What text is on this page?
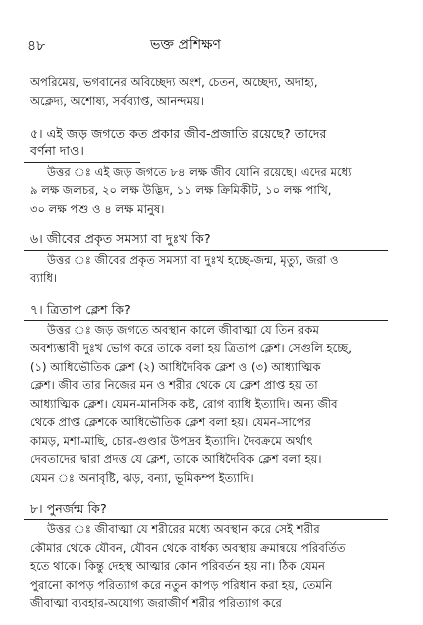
৪৮	ভক্ত প্রশিক্ষণ
অপরিমেয়, ভগবানের অবিচ্ছেদ্য অংশ, চেতন, অচ্ছেদ্য, অদাহ্য,
অক্লেদ্য, অশোষ্য, সর্বব্যাপ্ত, আনন্দময়।
৫। এই জড় জগতে কত প্রকার জীব-প্রজাতি রয়েছে? তাদের
বর্ণনা দাও।
উত্তর ঃ এই জড় জগতে ৮৪ লক্ষ জীব যোনি রয়েছে। এদের মধ্যে
৯ লক্ষ জলচর, ২০ লক্ষ উদ্ভিদ, ১১ লক্ষ ক্রিমিকীট, ১০ লক্ষ পাখি,
৩০ লক্ষ পশু ও ৪ লক্ষ মানুষ।
৬। জীবের প্রকৃত সমস্যা বা দুঃখ কি?
উত্তর ঃ জীবের প্রকৃত সমস্যা বা দুঃখ হচ্ছে-জন্ম, মৃত্যু, জরা ও
ব্যাধি।
৭। ত্রিতাপ ক্লেশ কি?
উত্তর ঃ জড় জগতে অবস্থান কালে জীবাত্মা যে তিন রকম
অবশ্যম্ভাবী দুঃখ ভোগ করে তাকে বলা হয় ত্রিতাপ ক্লেশ। সেগুলি হচ্ছে,
(১) আধিভৌতিক ক্লেশ (২) আধিদৈবিক ক্লেশ ও (৩) আধ্যাত্মিক
ক্লেশ। জীব তার নিজের মন ও শরীর থেকে যে ক্লেশ প্রাপ্ত হয় তা
আধ্যাত্মিক ক্লেশ। যেমন-মানসিক কষ্ট, রোগ ব্যাধি ইত্যাদি। অন্য জীব
থেকে প্রাপ্ত ক্লেশকে আধিভৌতিক ক্লেশ বলা হয়। যেমন-সাপের
কামড়, মশা-মাছি, চোর-গুণ্ডার উপদ্রব ইত্যাদি। দৈবক্রমে অর্থাৎ
দেবতাদের দ্বারা প্রদত্ত যে ক্লেশ, তাকে আধিদৈবিক ক্লেশ বলা হয়।
যেমন ঃ অনাবৃষ্টি, ঝড়, বন্যা, ভূমিকম্প ইত্যাদি।
৮। পুনর্জন্ম কি?
উত্তর ঃ জীবাত্মা যে শরীরের মধ্যে অবস্থান করে সেই শরীর
কৌমার থেকে যৌবন, যৌবন থেকে বার্ধক্য অবস্থায় ক্রমান্বয়ে পরিবর্তিত
হতে থাকে। কিন্তু দেহস্থ আত্মার কোন পরিবর্তন হয় না। ঠিক যেমন
পুরানো কাপড় পরিত্যাগ করে নতুন কাপড় পরিধান করা হয়, তেমনি
জীবাত্মা ব্যবহার-অযোগ্য জরাজীর্ণ শরীর পরিত্যাগ করে
